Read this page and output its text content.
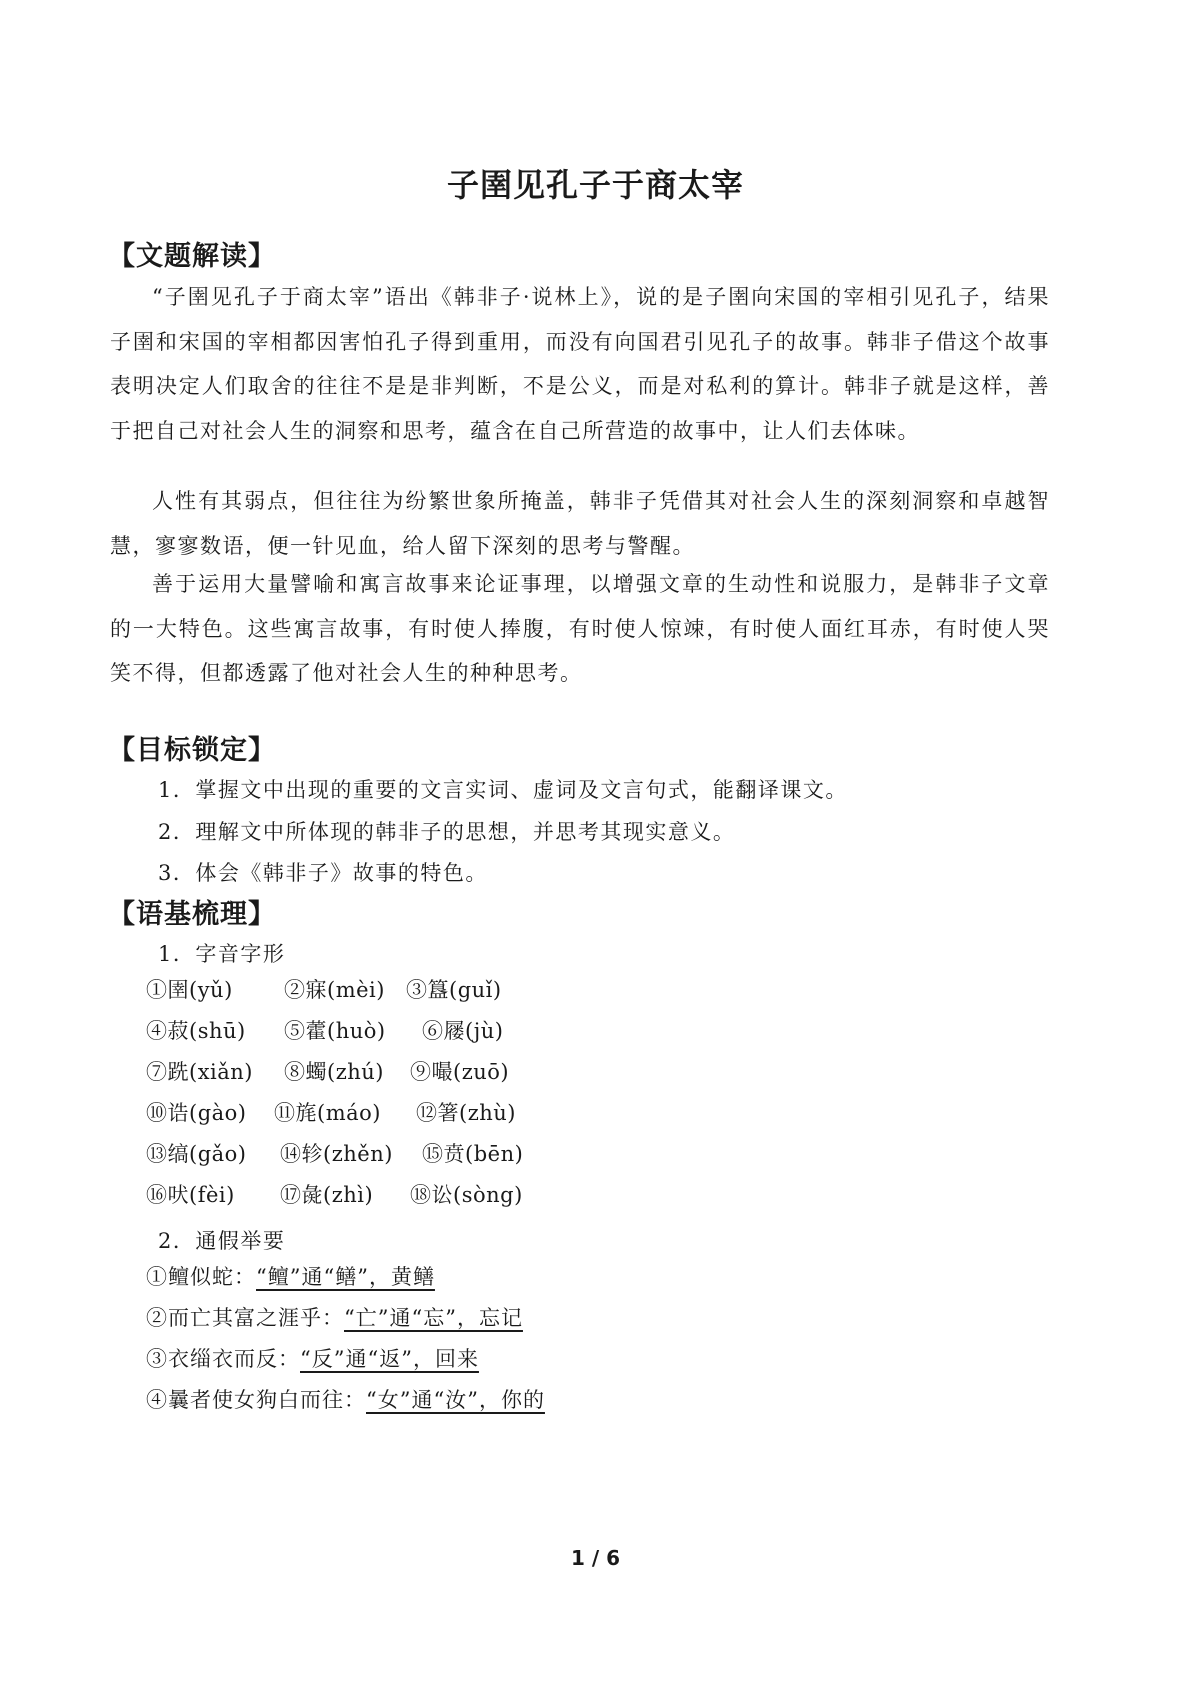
子圉见孔子于商太宰
【文题解读】

“子圉见孔子于商太宰”语出《韩非子·说林上》，说的是子圉向宋国的宰相引见孔子，结果子圉和宋国的宰相都因害怕孔子得到重用，而没有向国君引见孔子的故事。韩非子借这个故事表明决定人们取舍的往往不是是非判断，不是公义，而是对私利的算计。韩非子就是这样，善于把自己对社会人生的洞察和思考，蕴含在自己所营造的故事中，让人们去体味。

人性有其弱点，但往往为纷繁世象所掩盖，韩非子凭借其对社会人生的深刻洞察和卓越智慧，寥寥数语，便一针见血，给人留下深刻的思考与警醒。

善于运用大量譬喻和寓言故事来论证事理，以增强文章的生动性和说服力，是韩非子文章的一大特色。这些寓言故事，有时使人捧腹，有时使人惊竦，有时使人面红耳赤，有时使人哭笑不得，但都透露了他对社会人生的种种思考。

【目标锁定】
1．掌握文中出现的重要的文言实词、虚词及文言句式，能翻译课文。
2．理解文中所体现的韩非子的思想，并思考其现实意义。
3．体会《韩非子》故事的特色。
【语基梳理】
1．字音字形
①圉(yǔ) ②寐(mèi) ③簋(guǐ)
④菽(shū) ⑤藿(huò) ⑥屦(jù)
⑦跣(xiǎn) ⑧蠋(zhú) ⑨嘬(zuō)
⑩诰(gào) ⑪旄(máo) ⑫箸(zhù)
⑬缟(gǎo) ⑭轸(zhěn) ⑮贲(bēn)
⑯吠(fèi) ⑰彘(zhì) ⑱讼(sòng)
2．通假举要
①鳣似蛇：“鳣”通“鳝”，黄鳝
②而亡其富之涯乎：“亡”通“忘”，忘记
③衣缁衣而反：“反”通“返”，回来
④曩者使女狗白而往：“女”通“汝”，你的
1 / 6
